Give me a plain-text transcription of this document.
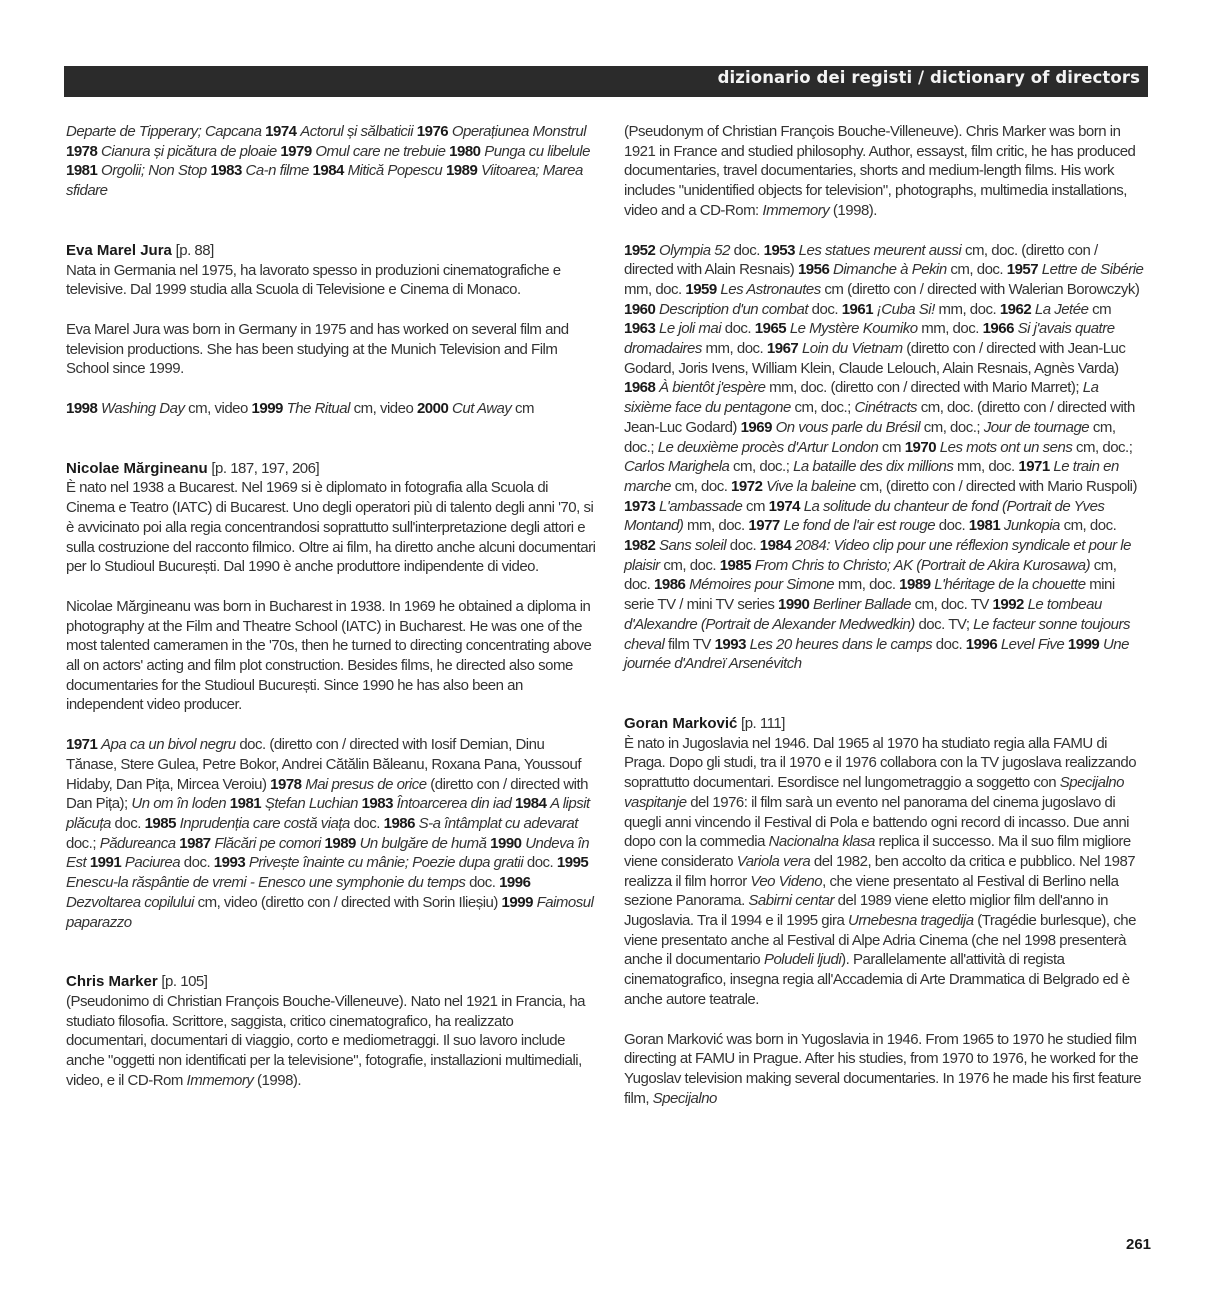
dizionario dei registi / dictionary of directors

Departe de Tipperary; Capcana 1974 Actorul și sălbaticii 1976 Operațiunea Monstrul 1978 Cianura și picătura de ploaie 1979 Omul care ne trebuie 1980 Punga cu libelule 1981 Orgolii; Non Stop 1983 Ca-n filme 1984 Mitică Popescu 1989 Viitoarea; Marea sfidare

Eva Marel Jura [p. 88]

Nata in Germania nel 1975, ha lavorato spesso in produzioni cinematografiche e televisive. Dal 1999 studia alla Scuola di Televisione e Cinema di Monaco.

Eva Marel Jura was born in Germany in 1975 and has worked on several film and television productions. She has been studying at the Munich Television and Film School since 1999.

1998 Washing Day cm, video 1999 The Ritual cm, video 2000 Cut Away cm

Nicolae Mărgineanu [p. 187, 197, 206]

È nato nel 1938 a Bucarest. Nel 1969 si è diplomato in fotografia alla Scuola di Cinema e Teatro (IATC) di Bucarest. Uno degli operatori più di talento degli anni '70, si è avvicinato poi alla regia concentrandosi soprattutto sull'interpretazione degli attori e sulla costruzione del racconto filmico. Oltre ai film, ha diretto anche alcuni documentari per lo Studioul București. Dal 1990 è anche produttore indipendente di video.

Nicolae Mărgineanu was born in Bucharest in 1938. In 1969 he obtained a diploma in photography at the Film and Theatre School (IATC) in Bucharest. He was one of the most talented cameramen in the '70s, then he turned to directing concentrating above all on actors' acting and film plot construction. Besides films, he directed also some documentaries for the Studioul București. Since 1990 he has also been an independent video producer.

1971 Apa ca un bivol negru doc. (diretto con / directed with Iosif Demian, Dinu Tănase, Stere Gulea, Petre Bokor, Andrei Cătălin Băleanu, Roxana Pana, Youssouf Hidaby, Dan Pița, Mircea Veroiu) 1978 Mai presus de orice (diretto con / directed with Dan Pița); Un om în loden 1981 Ștefan Luchian 1983 Întoarcerea din iad 1984 A lipsit plăcuța doc. 1985 Inprudenția care costă viața doc. 1986 S-a întâmplat cu adevarat doc.; Pădureanca 1987 Flăcări pe comori 1989 Un bulgăre de humă 1990 Undeva în Est 1991 Paciurea doc. 1993 Privește înainte cu mânie; Poezie dupa gratii doc. 1995 Enescu-la răspântie de vremi - Enesco une symphonie du temps doc. 1996 Dezvoltarea copilului cm, video (diretto con / directed with Sorin Ilieșiu) 1999 Faimosul paparazzo

Chris Marker [p. 105]

(Pseudonimo di Christian François Bouche-Villeneuve). Nato nel 1921 in Francia, ha studiato filosofia. Scrittore, saggista, critico cinematografico, ha realizzato documentari, documentari di viaggio, corto e mediometraggi. Il suo lavoro include anche "oggetti non identificati per la televisione", fotografie, installazioni multimediali, video, e il CD-Rom Immemory (1998).

(Pseudonym of Christian François Bouche-Villeneuve). Chris Marker was born in 1921 in France and studied philosophy. Author, essayst, film critic, he has produced documentaries, travel documentaries, shorts and medium-length films. His work includes "unidentified objects for television", photographs, multimedia installations, video and a CD-Rom: Immemory (1998).

1952 Olympia 52 doc. 1953 Les statues meurent aussi cm, doc. (diretto con / directed with Alain Resnais) 1956 Dimanche à Pekin cm, doc. 1957 Lettre de Sibérie mm, doc. 1959 Les Astronautes cm (diretto con / directed with Walerian Borowczyk) 1960 Description d'un combat doc. 1961 ¡Cuba Si! mm, doc. 1962 La Jetée cm 1963 Le joli mai doc. 1965 Le Mystère Koumiko mm, doc. 1966 Si j'avais quatre dromadaires mm, doc. 1967 Loin du Vietnam (diretto con / directed with Jean-Luc Godard, Joris Ivens, William Klein, Claude Lelouch, Alain Resnais, Agnès Varda) 1968 À bientôt j'espère mm, doc. (diretto con / directed with Mario Marret); La sixième face du pentagone cm, doc.; Cinétracts cm, doc. (diretto con / directed with Jean-Luc Godard) 1969 On vous parle du Brésil cm, doc.; Jour de tournage cm, doc.; Le deuxième procès d'Artur London cm 1970 Les mots ont un sens cm, doc.; Carlos Marighela cm, doc.; La bataille des dix millions mm, doc. 1971 Le train en marche cm, doc. 1972 Vive la baleine cm, (diretto con / directed with Mario Ruspoli) 1973 L'ambassade cm 1974 La solitude du chanteur de fond (Portrait de Yves Montand) mm, doc. 1977 Le fond de l'air est rouge doc. 1981 Junkopia cm, doc. 1982 Sans soleil doc. 1984 2084: Video clip pour une réflexion syndicale et pour le plaisir cm, doc. 1985 From Chris to Christo; AK (Portrait de Akira Kurosawa) cm, doc. 1986 Mémoires pour Simone mm, doc. 1989 L'héritage de la chouette mini serie TV / mini TV series 1990 Berliner Ballade cm, doc. TV 1992 Le tombeau d'Alexandre (Portrait de Alexander Medwedkin) doc. TV; Le facteur sonne toujours cheval film TV 1993 Les 20 heures dans le camps doc. 1996 Level Five 1999 Une journée d'Andreï Arsenévitch

Goran Marković [p. 111]

È nato in Jugoslavia nel 1946. Dal 1965 al 1970 ha studiato regia alla FAMU di Praga. Dopo gli studi, tra il 1970 e il 1976 collabora con la TV jugoslava realizzando soprattutto documentari. Esordisce nel lungometraggio a soggetto con Specijalno vaspitanje del 1976: il film sarà un evento nel panorama del cinema jugoslavo di quegli anni vincendo il Festival di Pola e battendo ogni record di incasso. Due anni dopo con la commedia Nacionalna klasa replica il successo. Ma il suo film migliore viene considerato Variola vera del 1982, ben accolto da critica e pubblico. Nel 1987 realizza il film horror Veo Videno, che viene presentato al Festival di Berlino nella sezione Panorama. Sabirni centar del 1989 viene eletto miglior film dell'anno in Jugoslavia. Tra il 1994 e il 1995 gira Urnebesna tragedija (Tragédie burlesque), che viene presentato anche al Festival di Alpe Adria Cinema (che nel 1998 presenterà anche il documentario Poludeli ljudi). Parallelamente all'attività di regista cinematografico, insegna regia all'Accademia di Arte Drammatica di Belgrado ed è anche autore teatrale.

Goran Marković was born in Yugoslavia in 1946. From 1965 to 1970 he studied film directing at FAMU in Prague. After his studies, from 1970 to 1976, he worked for the Yugoslav television making several documentaries. In 1976 he made his first feature film, Specijalno

261
